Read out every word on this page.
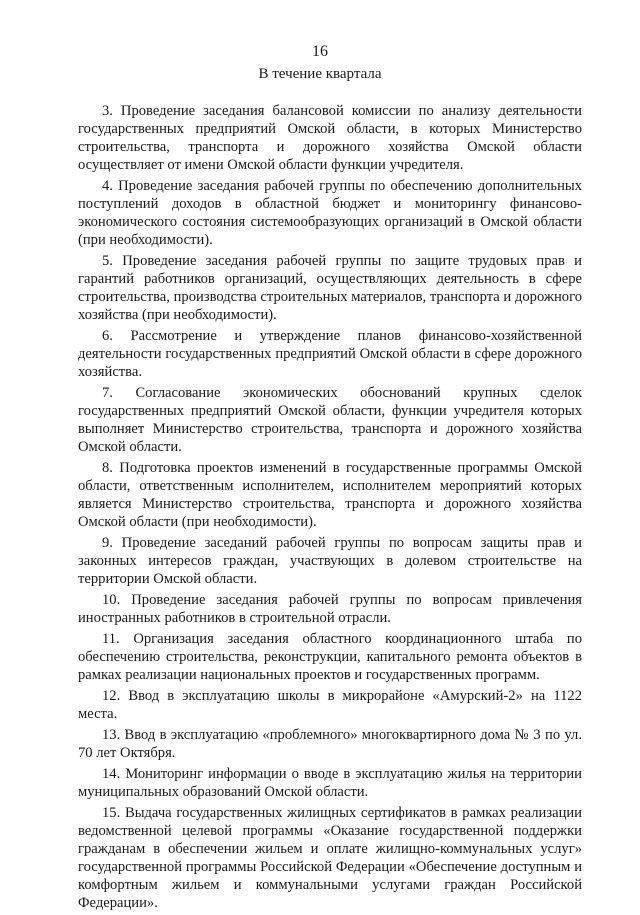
16
В течение квартала

3. Проведение заседания балансовой комиссии по анализу деятельности государственных предприятий Омской области, в которых Министерство строительства, транспорта и дорожного хозяйства Омской области осуществляет от имени Омской области функции учредителя.

4. Проведение заседания рабочей группы по обеспечению дополнительных поступлений доходов в областной бюджет и мониторингу финансово-экономического состояния системообразующих организаций в Омской области (при необходимости).

5. Проведение заседания рабочей группы по защите трудовых прав и гарантий работников организаций, осуществляющих деятельность в сфере строительства, производства строительных материалов, транспорта и дорожного хозяйства (при необходимости).

6. Рассмотрение и утверждение планов финансово-хозяйственной деятельности государственных предприятий Омской области в сфере дорожного хозяйства.

7. Согласование экономических обоснований крупных сделок государственных предприятий Омской области, функции учредителя которых выполняет Министерство строительства, транспорта и дорожного хозяйства Омской области.

8. Подготовка проектов изменений в государственные программы Омской области, ответственным исполнителем, исполнителем мероприятий которых является Министерство строительства, транспорта и дорожного хозяйства Омской области (при необходимости).

9. Проведение заседаний рабочей группы по вопросам защиты прав и законных интересов граждан, участвующих в долевом строительстве на территории Омской области.

10. Проведение заседания рабочей группы по вопросам привлечения иностранных работников в строительной отрасли.

11. Организация заседания областного координационного штаба по обеспечению строительства, реконструкции, капитального ремонта объектов в рамках реализации национальных проектов и государственных программ.

12. Ввод в эксплуатацию школы в микрорайоне «Амурский-2» на 1122 места.

13. Ввод в эксплуатацию «проблемного» многоквартирного дома № 3 по ул. 70 лет Октября.

14. Мониторинг информации о вводе в эксплуатацию жилья на территории муниципальных образований Омской области.

15. Выдача государственных жилищных сертификатов в рамках реализации ведомственной целевой программы «Оказание государственной поддержки гражданам в обеспечении жильем и оплате жилищно-коммунальных услуг» государственной программы Российской Федерации «Обеспечение доступным и комфортным жильем и коммунальными услугами граждан Российской Федерации».
